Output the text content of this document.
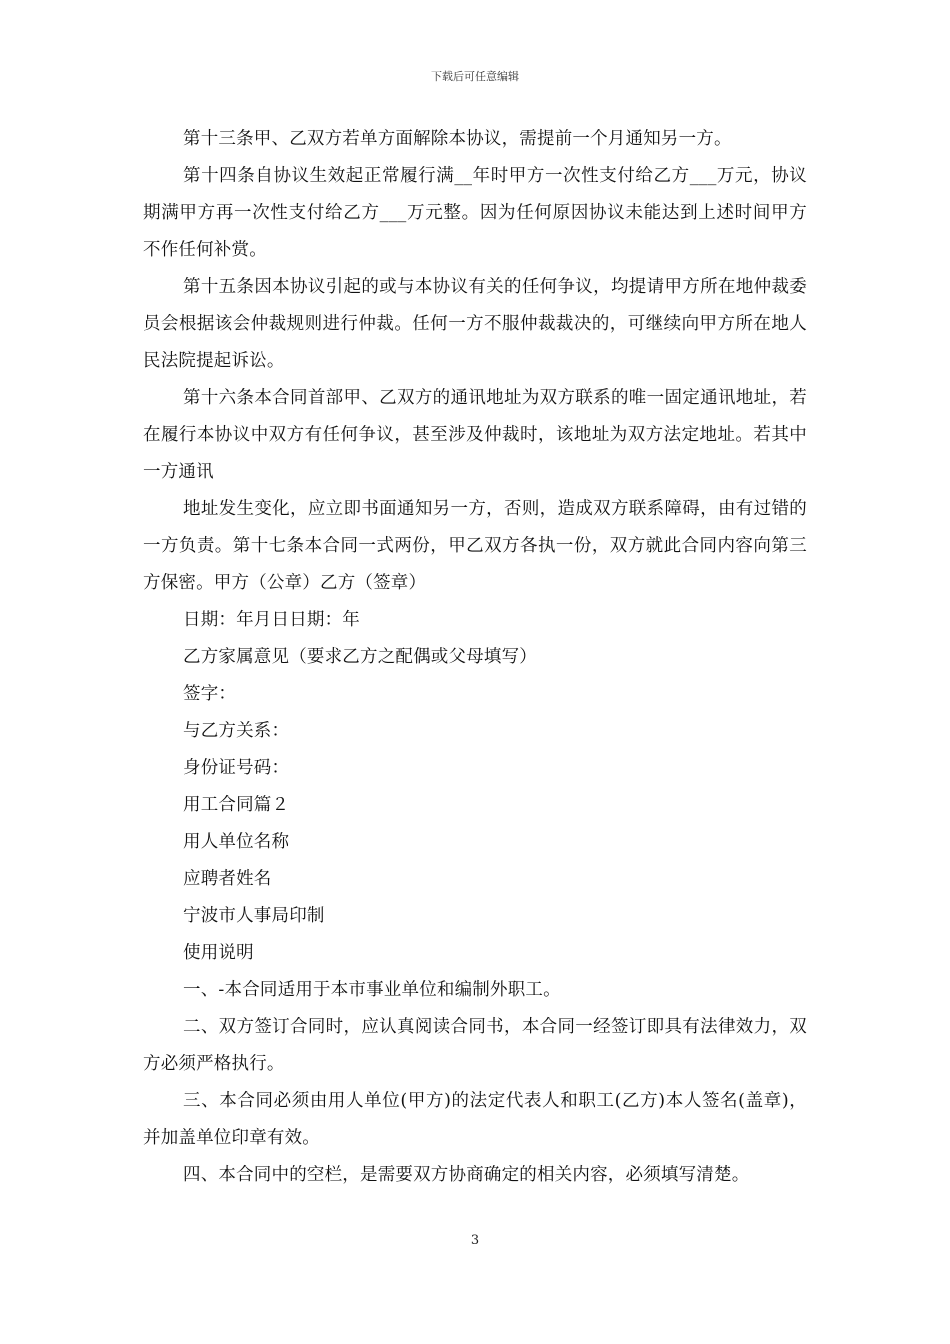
下载后可任意编辑

第十三条甲、乙双方若单方面解除本协议，需提前一个月通知另一方。

第十四条自协议生效起正常履行满__年时甲方一次性支付给乙方___万元，协议期满甲方再一次性支付给乙方___万元整。因为任何原因协议未能达到上述时间甲方不作任何补赏。

第十五条因本协议引起的或与本协议有关的任何争议，均提请甲方所在地仲裁委员会根据该会仲裁规则进行仲裁。任何一方不服仲裁裁决的，可继续向甲方所在地人民法院提起诉讼。

第十六条本合同首部甲、乙双方的通讯地址为双方联系的唯一固定通讯地址，若在履行本协议中双方有任何争议，甚至涉及仲裁时，该地址为双方法定地址。若其中一方通讯

地址发生变化，应立即书面通知另一方，否则，造成双方联系障碍，由有过错的一方负责。第十七条本合同一式两份，甲乙双方各执一份，双方就此合同内容向第三方保密。甲方（公章）乙方（签章）

日期：年月日日期：年

乙方家属意见（要求乙方之配偶或父母填写）

签字：

与乙方关系：

身份证号码：

用工合同篇２

用人单位名称

应聘者姓名

宁波市人事局印制

使用说明

一、-本合同适用于本市事业单位和编制外职工。

二、双方签订合同时，应认真阅读合同书，本合同一经签订即具有法律效力，双方必须严格执行。

三、本合同必须由用人单位(甲方)的法定代表人和职工(乙方)本人签名(盖章)，并加盖单位印章有效。

四、本合同中的空栏，是需要双方协商确定的相关内容，必须填写清楚。

3
